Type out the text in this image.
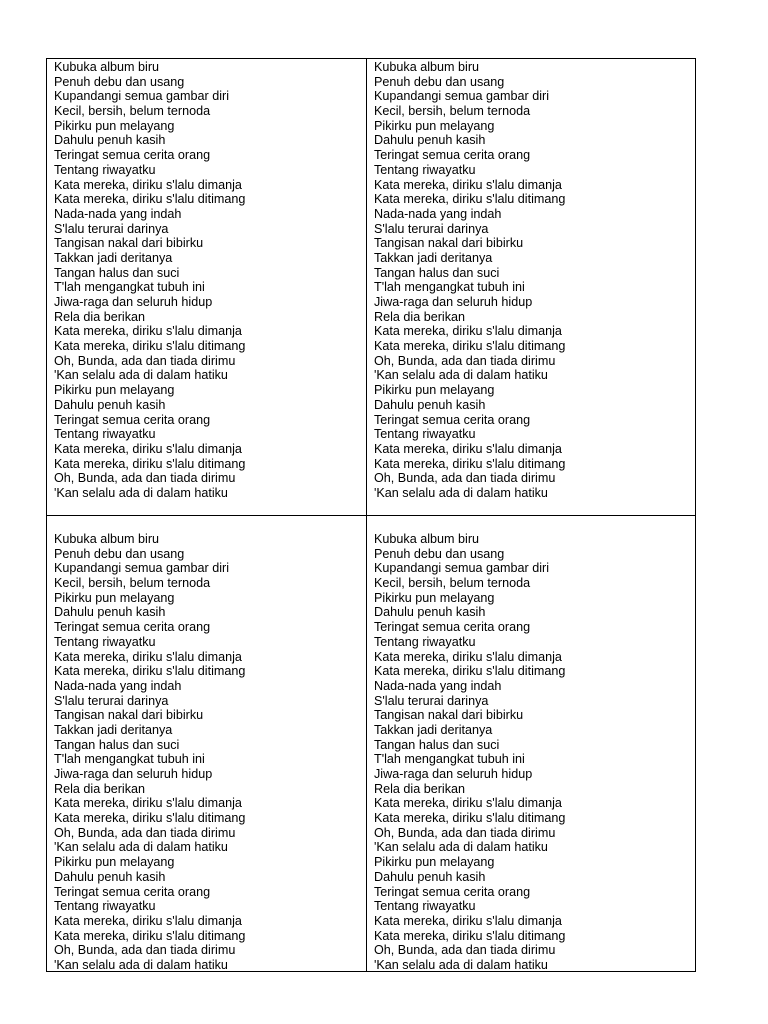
Kubuka album biru
Penuh debu dan usang
Kupandangi semua gambar diri
Kecil, bersih, belum ternoda
Pikirku pun melayang
Dahulu penuh kasih
Teringat semua cerita orang
Tentang riwayatku
Kata mereka, diriku s'lalu dimanja
Kata mereka, diriku s'lalu ditimang
Nada-nada yang indah
S'lalu terurai darinya
Tangisan nakal dari bibirku
Takkan jadi deritanya
Tangan halus dan suci
T'lah mengangkat tubuh ini
Jiwa-raga dan seluruh hidup
Rela dia berikan
Kata mereka, diriku s'lalu dimanja
Kata mereka, diriku s'lalu ditimang
Oh, Bunda, ada dan tiada dirimu
'Kan selalu ada di dalam hatiku
Pikirku pun melayang
Dahulu penuh kasih
Teringat semua cerita orang
Tentang riwayatku
Kata mereka, diriku s'lalu dimanja
Kata mereka, diriku s'lalu ditimang
Oh, Bunda, ada dan tiada dirimu
'Kan selalu ada di dalam hatiku
Kubuka album biru
Penuh debu dan usang
Kupandangi semua gambar diri
Kecil, bersih, belum ternoda
Pikirku pun melayang
Dahulu penuh kasih
Teringat semua cerita orang
Tentang riwayatku
Kata mereka, diriku s'lalu dimanja
Kata mereka, diriku s'lalu ditimang
Nada-nada yang indah
S'lalu terurai darinya
Tangisan nakal dari bibirku
Takkan jadi deritanya
Tangan halus dan suci
T'lah mengangkat tubuh ini
Jiwa-raga dan seluruh hidup
Rela dia berikan
Kata mereka, diriku s'lalu dimanja
Kata mereka, diriku s'lalu ditimang
Oh, Bunda, ada dan tiada dirimu
'Kan selalu ada di dalam hatiku
Pikirku pun melayang
Dahulu penuh kasih
Teringat semua cerita orang
Tentang riwayatku
Kata mereka, diriku s'lalu dimanja
Kata mereka, diriku s'lalu ditimang
Oh, Bunda, ada dan tiada dirimu
'Kan selalu ada di dalam hatiku
Kubuka album biru
Penuh debu dan usang
Kupandangi semua gambar diri
Kecil, bersih, belum ternoda
Pikirku pun melayang
Dahulu penuh kasih
Teringat semua cerita orang
Tentang riwayatku
Kata mereka, diriku s'lalu dimanja
Kata mereka, diriku s'lalu ditimang
Nada-nada yang indah
S'lalu terurai darinya
Tangisan nakal dari bibirku
Takkan jadi deritanya
Tangan halus dan suci
T'lah mengangkat tubuh ini
Jiwa-raga dan seluruh hidup
Rela dia berikan
Kata mereka, diriku s'lalu dimanja
Kata mereka, diriku s'lalu ditimang
Oh, Bunda, ada dan tiada dirimu
'Kan selalu ada di dalam hatiku
Pikirku pun melayang
Dahulu penuh kasih
Teringat semua cerita orang
Tentang riwayatku
Kata mereka, diriku s'lalu dimanja
Kata mereka, diriku s'lalu ditimang
Oh, Bunda, ada dan tiada dirimu
'Kan selalu ada di dalam hatiku
Kubuka album biru
Penuh debu dan usang
Kupandangi semua gambar diri
Kecil, bersih, belum ternoda
Pikirku pun melayang
Dahulu penuh kasih
Teringat semua cerita orang
Tentang riwayatku
Kata mereka, diriku s'lalu dimanja
Kata mereka, diriku s'lalu ditimang
Nada-nada yang indah
S'lalu terurai darinya
Tangisan nakal dari bibirku
Takkan jadi deritanya
Tangan halus dan suci
T'lah mengangkat tubuh ini
Jiwa-raga dan seluruh hidup
Rela dia berikan
Kata mereka, diriku s'lalu dimanja
Kata mereka, diriku s'lalu ditimang
Oh, Bunda, ada dan tiada dirimu
'Kan selalu ada di dalam hatiku
Pikirku pun melayang
Dahulu penuh kasih
Teringat semua cerita orang
Tentang riwayatku
Kata mereka, diriku s'lalu dimanja
Kata mereka, diriku s'lalu ditimang
Oh, Bunda, ada dan tiada dirimu
'Kan selalu ada di dalam hatiku
